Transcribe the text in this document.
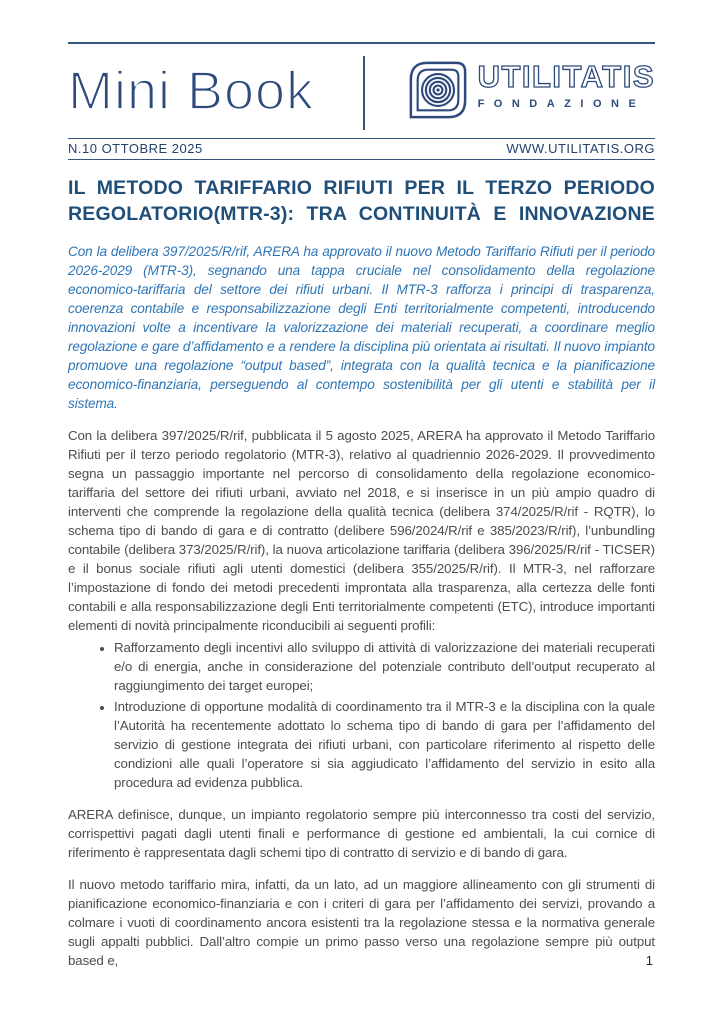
Mini Book	UTILITATIS
FONDAZIONE
N.10 OTTOBRE 2025	WWW.UTILITATIS.ORG
IL METODO TARIFFARIO RIFIUTI PER IL TERZO PERIODO REGOLATORIO(MTR-3): TRA CONTINUITÀ E INNOVAZIONE

Con la delibera 397/2025/R/rif, ARERA ha approvato il nuovo Metodo Tariffario Rifiuti per il periodo 2026-2029 (MTR-3), segnando una tappa cruciale nel consolidamento della regolazione economico-tariffaria del settore dei rifiuti urbani. Il MTR-3 rafforza i principi di trasparenza, coerenza contabile e responsabilizzazione degli Enti territorialmente competenti, introducendo innovazioni volte a incentivare la valorizzazione dei materiali recuperati, a coordinare meglio regolazione e gare d’affidamento e a rendere la disciplina più orientata ai risultati. Il nuovo impianto promuove una regolazione “output based”, integrata con la qualità tecnica e la pianificazione economico-finanziaria, perseguendo al contempo sostenibilità per gli utenti e stabilità per il sistema.

Con la delibera 397/2025/R/rif, pubblicata il 5 agosto 2025, ARERA ha approvato il Metodo Tariffario Rifiuti per il terzo periodo regolatorio (MTR-3), relativo al quadriennio 2026-2029. Il provvedimento segna un passaggio importante nel percorso di consolidamento della regolazione economico-tariffaria del settore dei rifiuti urbani, avviato nel 2018, e si inserisce in un più ampio quadro di interventi che comprende la regolazione della qualità tecnica (delibera 374/2025/R/rif - RQTR), lo schema tipo di bando di gara e di contratto (delibere 596/2024/R/rif e 385/2023/R/rif), l’unbundling contabile (delibera 373/2025/R/rif), la nuova articolazione tariffaria (delibera 396/2025/R/rif - TICSER) e il bonus sociale rifiuti agli utenti domestici (delibera 355/2025/R/rif). Il MTR-3, nel rafforzare l’impostazione di fondo dei metodi precedenti improntata alla trasparenza, alla certezza delle fonti contabili e alla responsabilizzazione degli Enti territorialmente competenti (ETC), introduce importanti elementi di novità principalmente riconducibili ai seguenti profili:

• Rafforzamento degli incentivi allo sviluppo di attività di valorizzazione dei materiali recuperati e/o di energia, anche in considerazione del potenziale contributo dell’output recuperato al raggiungimento dei target europei;
• Introduzione di opportune modalità di coordinamento tra il MTR-3 e la disciplina con la quale l’Autorità ha recentemente adottato lo schema tipo di bando di gara per l’affidamento del servizio di gestione integrata dei rifiuti urbani, con particolare riferimento al rispetto delle condizioni alle quali l’operatore si sia aggiudicato l’affidamento del servizio in esito alla procedura ad evidenza pubblica.

ARERA definisce, dunque, un impianto regolatorio sempre più interconnesso tra costi del servizio, corrispettivi pagati dagli utenti finali e performance di gestione ed ambientali, la cui cornice di riferimento è rappresentata dagli schemi tipo di contratto di servizio e di bando di gara.

Il nuovo metodo tariffario mira, infatti, da un lato, ad un maggiore allineamento con gli strumenti di pianificazione economico-finanziaria e con i criteri di gara per l’affidamento dei servizi, provando a colmare i vuoti di coordinamento ancora esistenti tra la regolazione stessa e la normativa generale sugli appalti pubblici. Dall’altro compie un primo passo verso una regolazione sempre più output based e,	1
